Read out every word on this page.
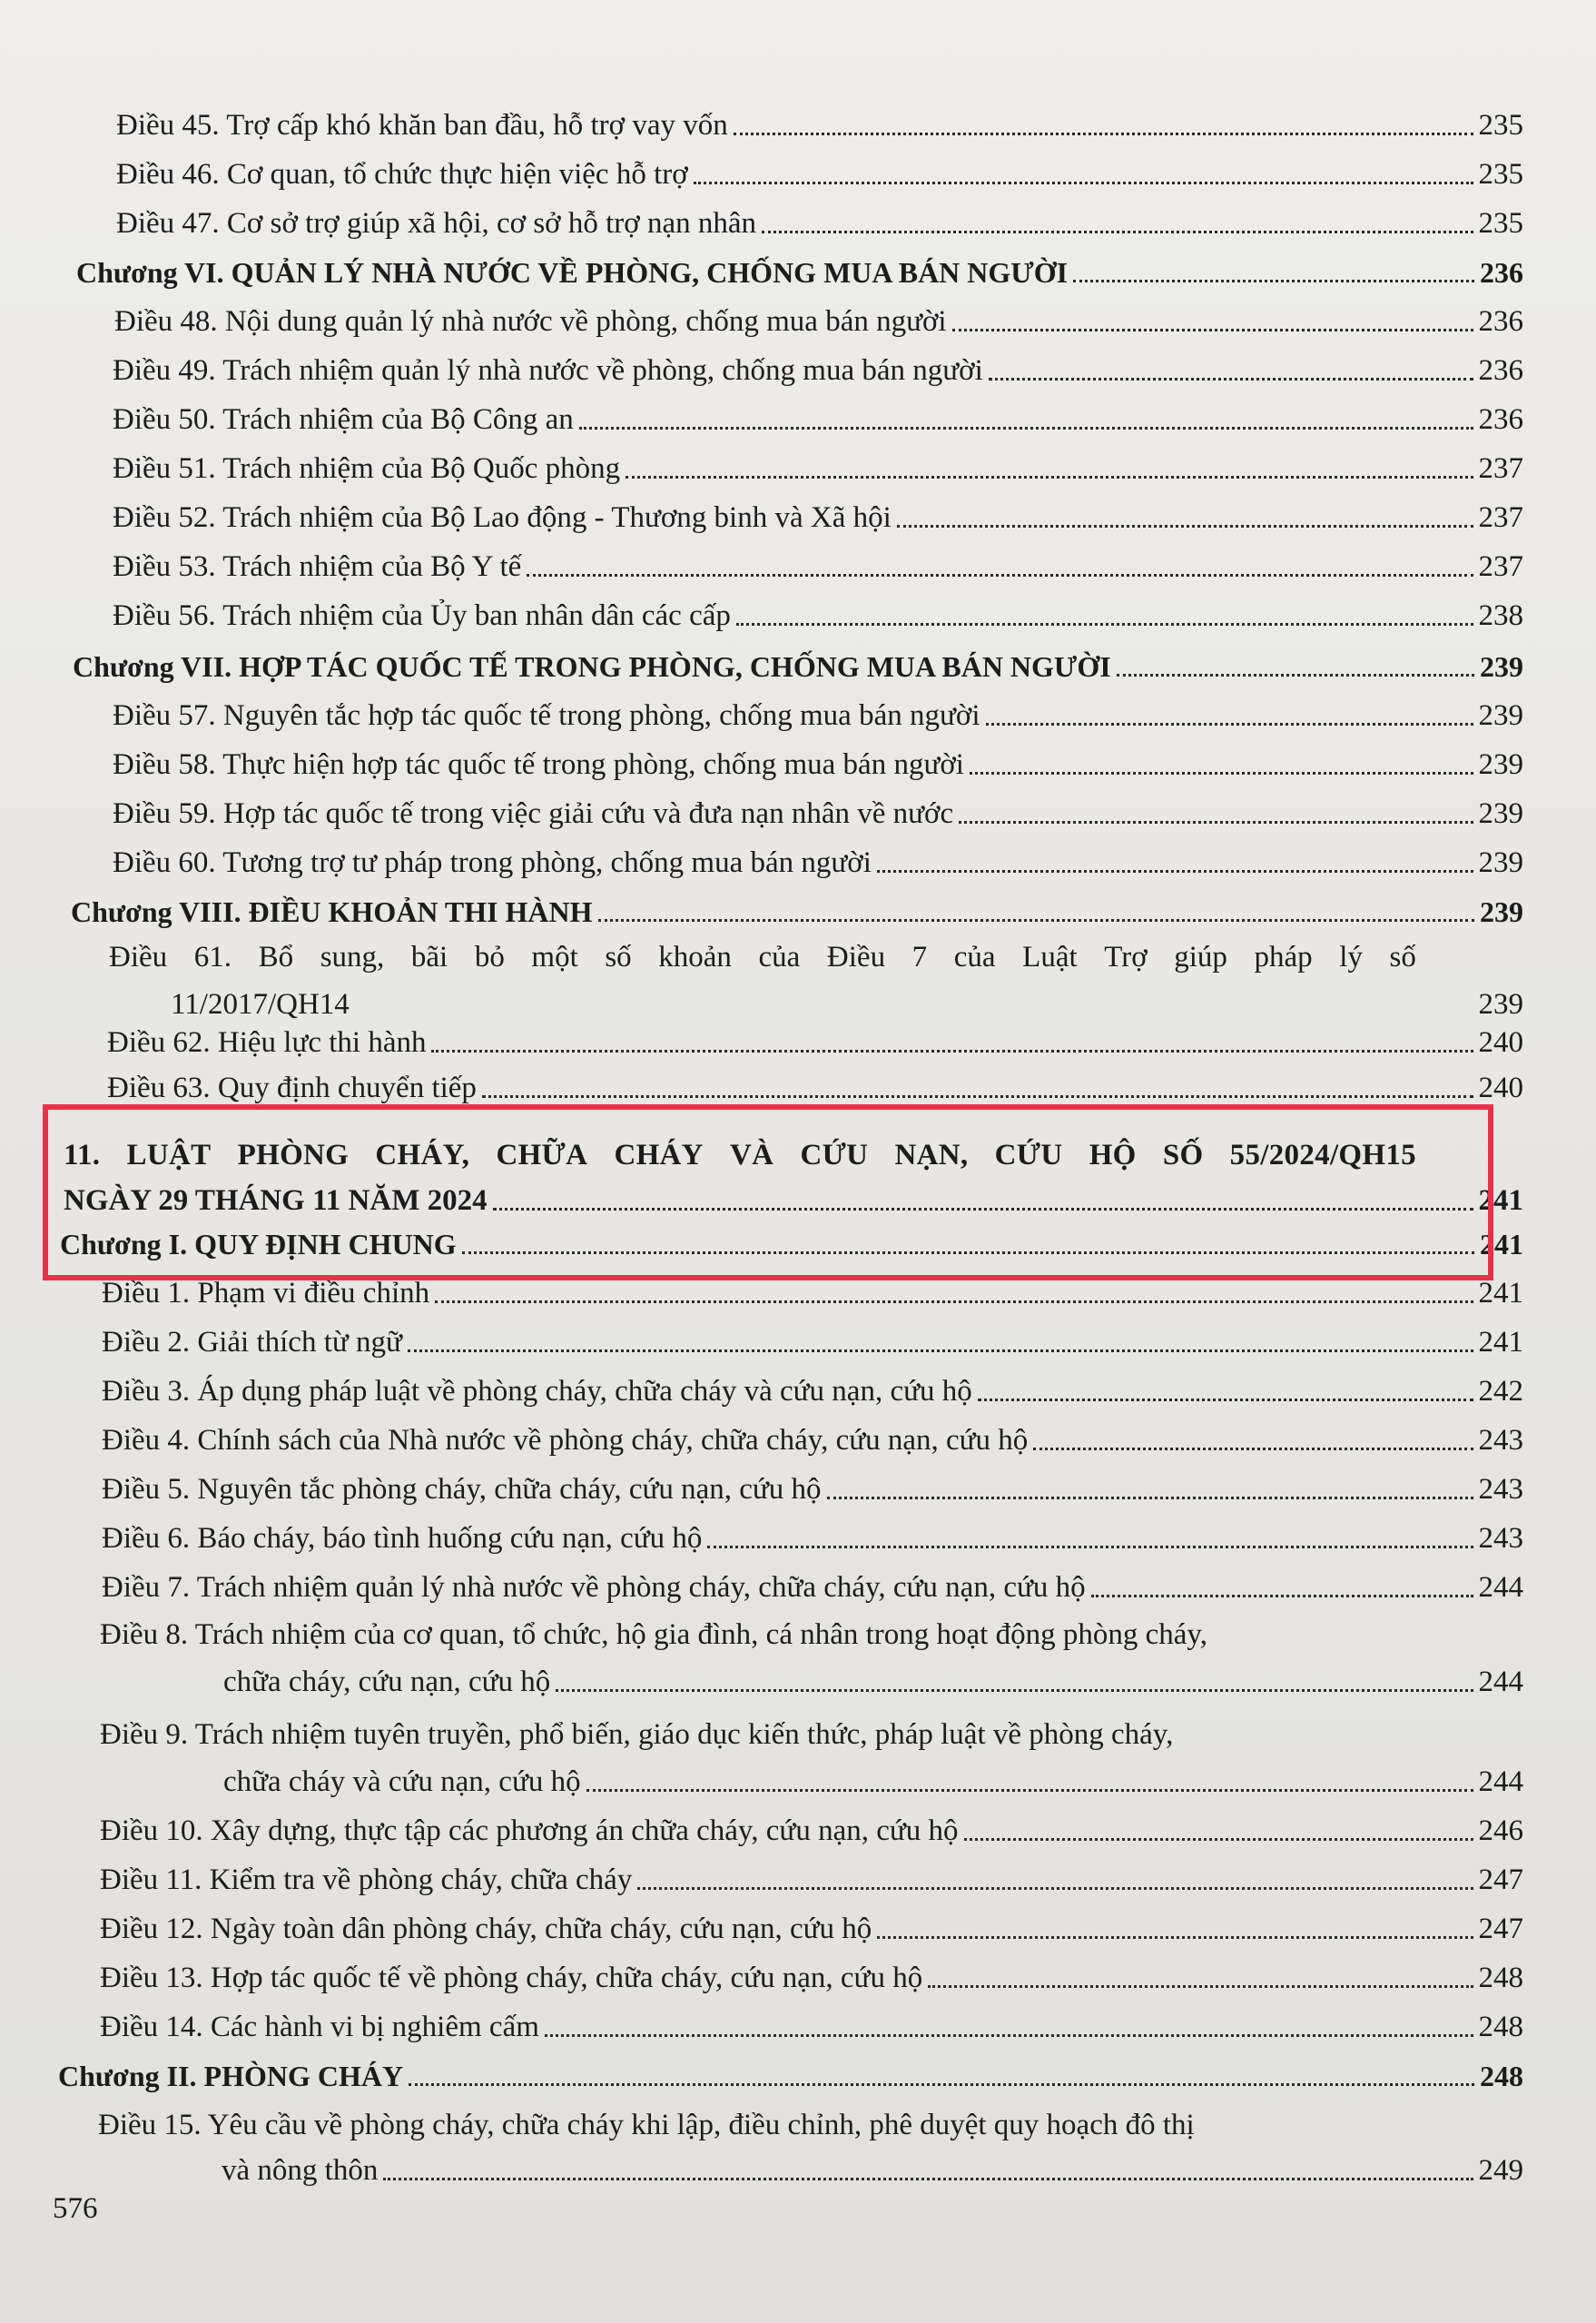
Điều 45. Trợ cấp khó khăn ban đầu, hỗ trợ vay vốn	235
Điều 46. Cơ quan, tổ chức thực hiện việc hỗ trợ	235
Điều 47. Cơ sở trợ giúp xã hội, cơ sở hỗ trợ nạn nhân	235
Chương VI. QUẢN LÝ NHÀ NƯỚC VỀ PHÒNG, CHỐNG MUA BÁN NGƯỜI	236
Điều 48. Nội dung quản lý nhà nước về phòng, chống mua bán người	236
Điều 49. Trách nhiệm quản lý nhà nước về phòng, chống mua bán người	236
Điều 50. Trách nhiệm của Bộ Công an	236
Điều 51. Trách nhiệm của Bộ Quốc phòng	237
Điều 52. Trách nhiệm của Bộ Lao động - Thương binh và Xã hội	237
Điều 53. Trách nhiệm của Bộ Y tế	237
Điều 56. Trách nhiệm của Ủy ban nhân dân các cấp	238
Chương VII. HỢP TÁC QUỐC TẾ TRONG PHÒNG, CHỐNG MUA BÁN NGƯỜI	239
Điều 57. Nguyên tắc hợp tác quốc tế trong phòng, chống mua bán người	239
Điều 58. Thực hiện hợp tác quốc tế trong phòng, chống mua bán người	239
Điều 59. Hợp tác quốc tế trong việc giải cứu và đưa nạn nhân về nước	239
Điều 60. Tương trợ tư pháp trong phòng, chống mua bán người	239
Chương VIII. ĐIỀU KHOẢN THI HÀNH	239
Điều 61. Bổ sung, bãi bỏ một số khoản của Điều 7 của Luật Trợ giúp pháp lý số
11/2017/QH14	239
Điều 62. Hiệu lực thi hành	240
Điều 63. Quy định chuyển tiếp	240
11. LUẬT PHÒNG CHÁY, CHỮA CHÁY VÀ CỨU NẠN, CỨU HỘ SỐ 55/2024/QH15
NGÀY 29 THÁNG 11 NĂM 2024	241
Chương I. QUY ĐỊNH CHUNG	241
Điều 1. Phạm vi điều chỉnh	241
Điều 2. Giải thích từ ngữ	241
Điều 3. Áp dụng pháp luật về phòng cháy, chữa cháy và cứu nạn, cứu hộ	242
Điều 4. Chính sách của Nhà nước về phòng cháy, chữa cháy, cứu nạn, cứu hộ	243
Điều 5. Nguyên tắc phòng cháy, chữa cháy, cứu nạn, cứu hộ	243
Điều 6. Báo cháy, báo tình huống cứu nạn, cứu hộ	243
Điều 7. Trách nhiệm quản lý nhà nước về phòng cháy, chữa cháy, cứu nạn, cứu hộ	244
Điều 8. Trách nhiệm của cơ quan, tổ chức, hộ gia đình, cá nhân trong hoạt động phòng cháy,
chữa cháy, cứu nạn, cứu hộ	244
Điều 9. Trách nhiệm tuyên truyền, phổ biến, giáo dục kiến thức, pháp luật về phòng cháy,
chữa cháy và cứu nạn, cứu hộ	244
Điều 10. Xây dựng, thực tập các phương án chữa cháy, cứu nạn, cứu hộ	246
Điều 11. Kiểm tra về phòng cháy, chữa cháy	247
Điều 12. Ngày toàn dân phòng cháy, chữa cháy, cứu nạn, cứu hộ	247
Điều 13. Hợp tác quốc tế về phòng cháy, chữa cháy, cứu nạn, cứu hộ	248
Điều 14. Các hành vi bị nghiêm cấm	248
Chương II. PHÒNG CHÁY	248
Điều 15. Yêu cầu về phòng cháy, chữa cháy khi lập, điều chỉnh, phê duyệt quy hoạch đô thị
và nông thôn	249
576
